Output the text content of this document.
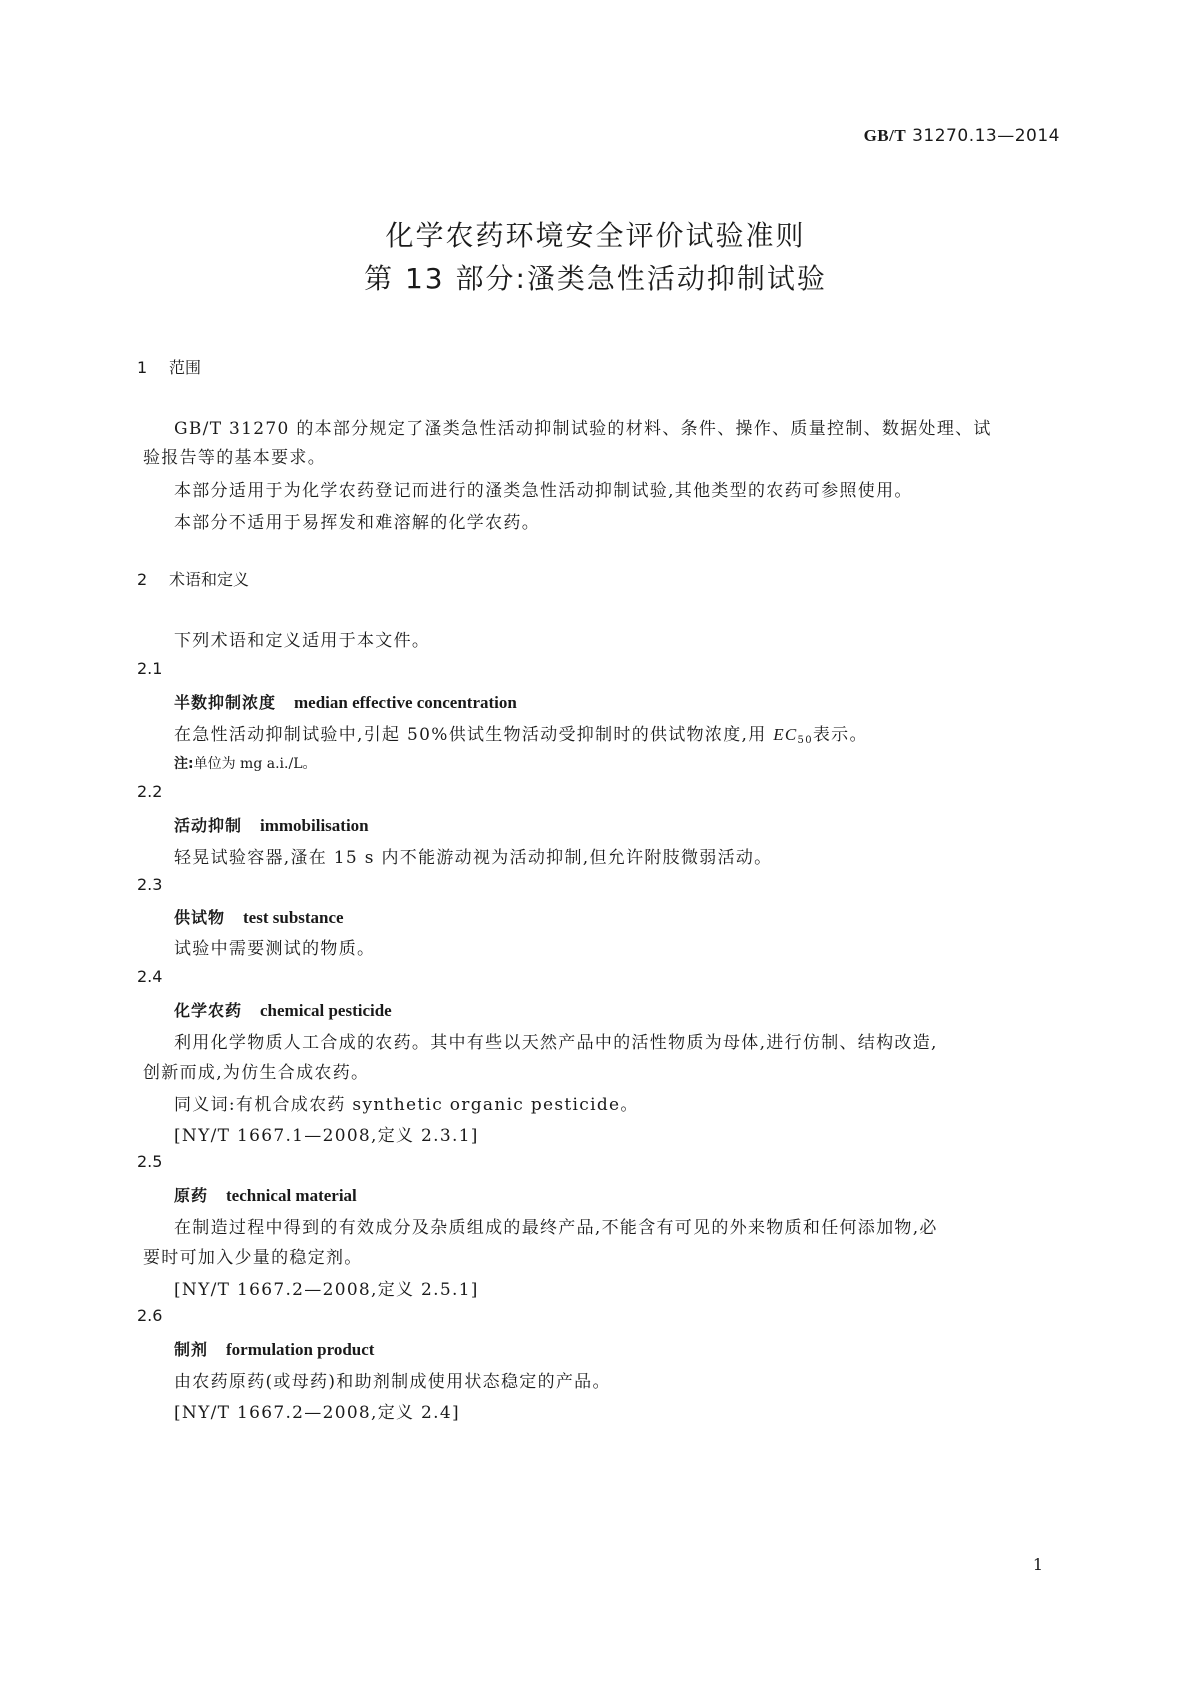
GB/T 31270.13—2014
化学农药环境安全评价试验准则
第 13 部分:溞类急性活动抑制试验
1 范围
GB/T 31270 的本部分规定了溞类急性活动抑制试验的材料、条件、操作、质量控制、数据处理、试
验报告等的基本要求。
本部分适用于为化学农药登记而进行的溞类急性活动抑制试验,其他类型的农药可参照使用。
本部分不适用于易挥发和难溶解的化学农药。
2 术语和定义
下列术语和定义适用于本文件。
2.1
半数抑制浓度 median effective concentration
在急性活动抑制试验中,引起 50%供试生物活动受抑制时的供试物浓度,用 $EC_{50}$表示。
注:单位为 mg a.i./L。
2.2
活动抑制 immobilisation
轻晃试验容器,溞在 15 s 内不能游动视为活动抑制,但允许附肢微弱活动。
2.3
供试物 test substance
试验中需要测试的物质。
2.4
化学农药 chemical pesticide
利用化学物质人工合成的农药。其中有些以天然产品中的活性物质为母体,进行仿制、结构改造,
创新而成,为仿生合成农药。
同义词:有机合成农药 synthetic organic pesticide。
[NY/T 1667.1—2008,定义 2.3.1]
2.5
原药 technical material
在制造过程中得到的有效成分及杂质组成的最终产品,不能含有可见的外来物质和任何添加物,必
要时可加入少量的稳定剂。
[NY/T 1667.2—2008,定义 2.5.1]
2.6
制剂 formulation product
由农药原药(或母药)和助剂制成使用状态稳定的产品。
[NY/T 1667.2—2008,定义 2.4]
1
